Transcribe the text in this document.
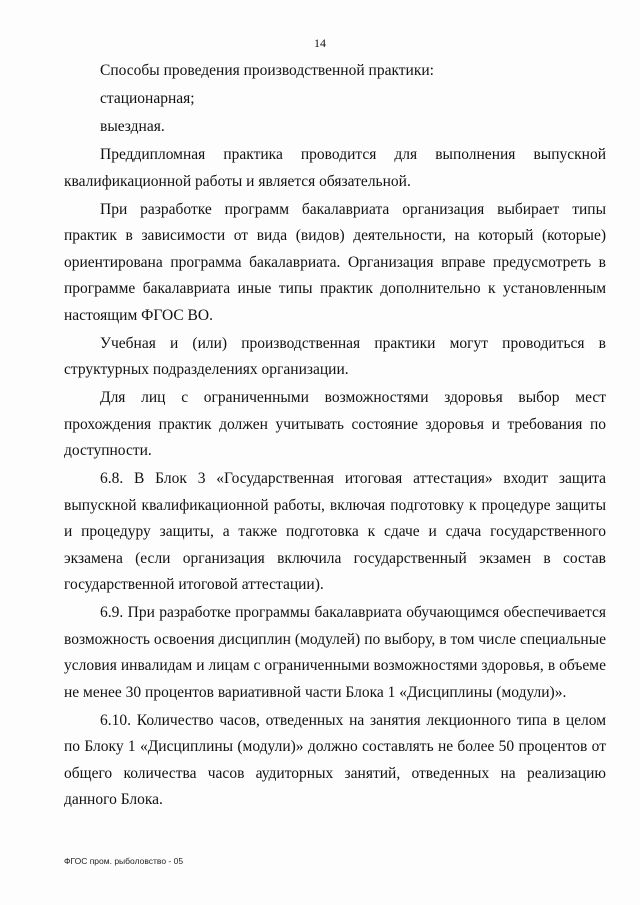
14

Способы проведения производственной практики:

стационарная;

выездная.

Преддипломная практика проводится для выполнения выпускной квалификационной работы и является обязательной.

При разработке программ бакалавриата организация выбирает типы практик в зависимости от вида (видов) деятельности, на который (которые) ориентирована программа бакалавриата. Организация вправе предусмотреть в программе бакалавриата иные типы практик дополнительно к установленным настоящим ФГОС ВО.

Учебная и (или) производственная практики могут проводиться в структурных подразделениях организации.

Для лиц с ограниченными возможностями здоровья выбор мест прохождения практик должен учитывать состояние здоровья и требования по доступности.

6.8. В Блок 3 «Государственная итоговая аттестация» входит защита выпускной квалификационной работы, включая подготовку к процедуре защиты и процедуру защиты, а также подготовка к сдаче и сдача государственного экзамена (если организация включила государственный экзамен в состав государственной итоговой аттестации).

6.9. При разработке программы бакалавриата обучающимся обеспечивается возможность освоения дисциплин (модулей) по выбору, в том числе специальные условия инвалидам и лицам с ограниченными возможностями здоровья, в объеме не менее 30 процентов вариативной части Блока 1 «Дисциплины (модули)».

6.10. Количество часов, отведенных на занятия лекционного типа в целом по Блоку 1 «Дисциплины (модули)» должно составлять не более 50 процентов от общего количества часов аудиторных занятий, отведенных на реализацию данного Блока.

ФГОС пром. рыболовство - 05
